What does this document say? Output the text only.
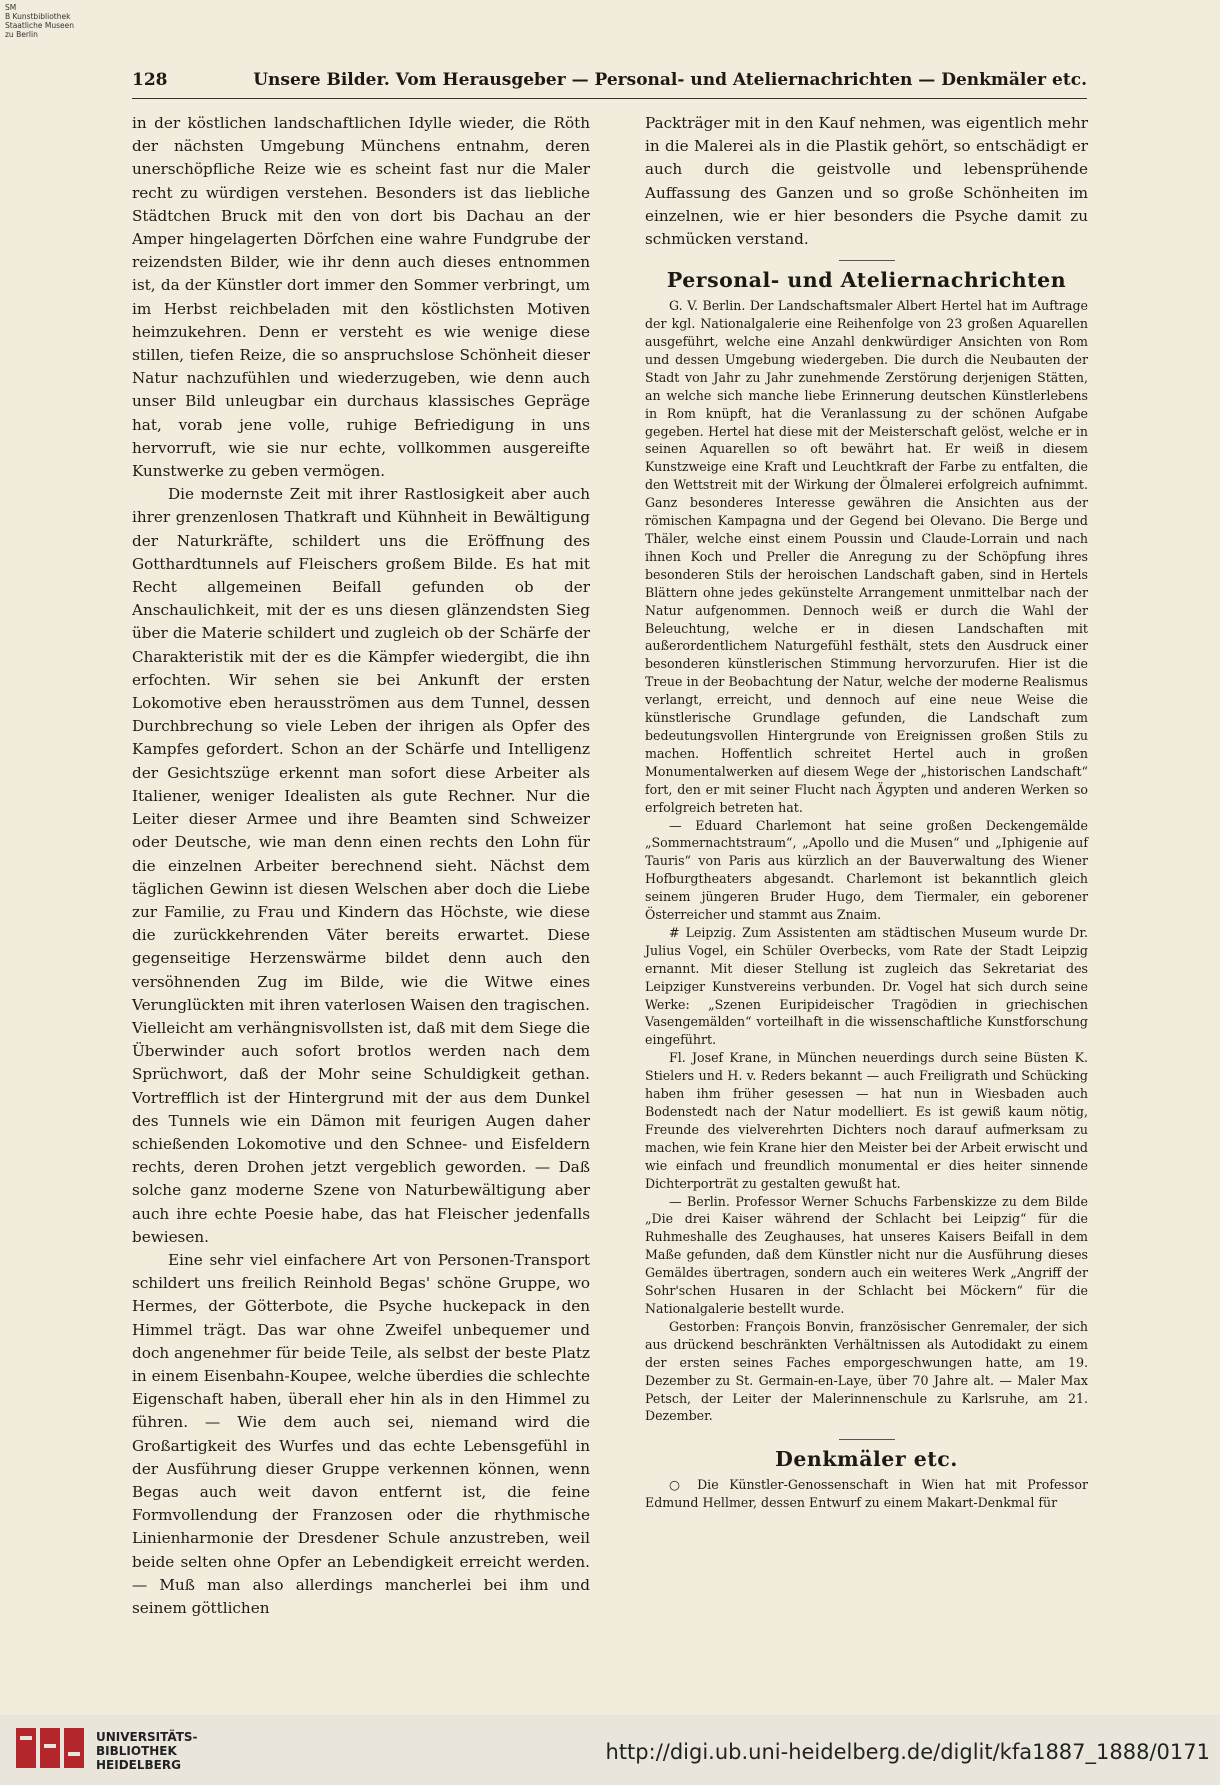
SM
B Kunstbibliothek
Staatliche Museen
zu Berlin
128	Unsere Bilder. Vom Herausgeber — Personal- und Ateliernachrichten — Denkmäler etc.

in der köstlichen landschaftlichen Idylle wieder, die Röth der nächsten Umgebung Münchens entnahm, deren unerschöpfliche Reize wie es scheint fast nur die Maler recht zu würdigen verstehen. Besonders ist das liebliche Städtchen Bruck mit den von dort bis Dachau an der Amper hingelagerten Dörfchen eine wahre Fundgrube der reizendsten Bilder, wie ihr denn auch dieses entnommen ist, da der Künstler dort immer den Sommer verbringt, um im Herbst reichbeladen mit den köstlichsten Motiven heimzukehren. Denn er versteht es wie wenige diese stillen, tiefen Reize, die so anspruchslose Schönheit dieser Natur nachzufühlen und wiederzugeben, wie denn auch unser Bild unleugbar ein durchaus klassisches Gepräge hat, vorab jene volle, ruhige Befriedigung in uns hervorruft, wie sie nur echte, vollkommen ausgereifte Kunstwerke zu geben vermögen.

Die modernste Zeit mit ihrer Rastlosigkeit aber auch ihrer grenzenlosen Thatkraft und Kühnheit in Bewältigung der Naturkräfte, schildert uns die Eröffnung des Gotthardtunnels auf Fleischers großem Bilde. Es hat mit Recht allgemeinen Beifall gefunden ob der Anschaulichkeit, mit der es uns diesen glänzendsten Sieg über die Materie schildert und zugleich ob der Schärfe der Charakteristik mit der es die Kämpfer wiedergibt, die ihn erfochten. Wir sehen sie bei Ankunft der ersten Lokomotive eben herausströmen aus dem Tunnel, dessen Durchbrechung so viele Leben der ihrigen als Opfer des Kampfes gefordert. Schon an der Schärfe und Intelligenz der Gesichtszüge erkennt man sofort diese Arbeiter als Italiener, weniger Idealisten als gute Rechner. Nur die Leiter dieser Armee und ihre Beamten sind Schweizer oder Deutsche, wie man denn einen rechts den Lohn für die einzelnen Arbeiter berechnend sieht. Nächst dem täglichen Gewinn ist diesen Welschen aber doch die Liebe zur Familie, zu Frau und Kindern das Höchste, wie diese die zurückkehrenden Väter bereits erwartet. Diese gegenseitige Herzenswärme bildet denn auch den versöhnenden Zug im Bilde, wie die Witwe eines Verunglückten mit ihren vaterlosen Waisen den tragischen. Vielleicht am verhängnisvollsten ist, daß mit dem Siege die Überwinder auch sofort brotlos werden nach dem Sprüchwort, daß der Mohr seine Schuldigkeit gethan. Vortrefflich ist der Hintergrund mit der aus dem Dunkel des Tunnels wie ein Dämon mit feurigen Augen daher schießenden Lokomotive und den Schnee- und Eisfeldern rechts, deren Drohen jetzt vergeblich geworden. — Daß solche ganz moderne Szene von Naturbewältigung aber auch ihre echte Poesie habe, das hat Fleischer jedenfalls bewiesen.

Eine sehr viel einfachere Art von Personen-Transport schildert uns freilich Reinhold Begas' schöne Gruppe, wo Hermes, der Götterbote, die Psyche huckepack in den Himmel trägt. Das war ohne Zweifel unbequemer und doch angenehmer für beide Teile, als selbst der beste Platz in einem Eisenbahn-Koupee, welche überdies die schlechte Eigenschaft haben, überall eher hin als in den Himmel zu führen. — Wie dem auch sei, niemand wird die Großartigkeit des Wurfes und das echte Lebensgefühl in der Ausführung dieser Gruppe verkennen können, wenn Begas auch weit davon entfernt ist, die feine Formvollendung der Franzosen oder die rhythmische Linienharmonie der Dresdener Schule anzustreben, weil beide selten ohne Opfer an Lebendigkeit erreicht werden. — Muß man also allerdings mancherlei bei ihm und seinem göttlichen

Packträger mit in den Kauf nehmen, was eigentlich mehr in die Malerei als in die Plastik gehört, so entschädigt er auch durch die geistvolle und lebensprühende Auffassung des Ganzen und so große Schönheiten im einzelnen, wie er hier besonders die Psyche damit zu schmücken verstand.

Personal- und Ateliernachrichten

G. V. Berlin. Der Landschaftsmaler Albert Hertel hat im Auftrage der kgl. Nationalgalerie eine Reihenfolge von 23 großen Aquarellen ausgeführt, welche eine Anzahl denkwürdiger Ansichten von Rom und dessen Umgebung wiedergeben. Die durch die Neubauten der Stadt von Jahr zu Jahr zunehmende Zerstörung derjenigen Stätten, an welche sich manche liebe Erinnerung deutschen Künstlerlebens in Rom knüpft, hat die Veranlassung zu der schönen Aufgabe gegeben. Hertel hat diese mit der Meisterschaft gelöst, welche er in seinen Aquarellen so oft bewährt hat. Er weiß in diesem Kunstzweige eine Kraft und Leuchtkraft der Farbe zu entfalten, die den Wettstreit mit der Wirkung der Ölmalerei erfolgreich aufnimmt. Ganz besonderes Interesse gewähren die Ansichten aus der römischen Kampagna und der Gegend bei Olevano. Die Berge und Thäler, welche einst einem Poussin und Claude-Lorrain und nach ihnen Koch und Preller die Anregung zu der Schöpfung ihres besonderen Stils der heroischen Landschaft gaben, sind in Hertels Blättern ohne jedes gekünstelte Arrangement unmittelbar nach der Natur aufgenommen. Dennoch weiß er durch die Wahl der Beleuchtung, welche er in diesen Landschaften mit außerordentlichem Naturgefühl festhält, stets den Ausdruck einer besonderen künstlerischen Stimmung hervorzurufen. Hier ist die Treue in der Beobachtung der Natur, welche der moderne Realismus verlangt, erreicht, und dennoch auf eine neue Weise die künstlerische Grundlage gefunden, die Landschaft zum bedeutungsvollen Hintergrunde von Ereignissen großen Stils zu machen. Hoffentlich schreitet Hertel auch in großen Monumentalwerken auf diesem Wege der „historischen Landschaft“ fort, den er mit seiner Flucht nach Ägypten und anderen Werken so erfolgreich betreten hat.

— Eduard Charlemont hat seine großen Deckengemälde „Sommernachtstraum“, „Apollo und die Musen“ und „Iphigenie auf Tauris“ von Paris aus kürzlich an der Bauverwaltung des Wiener Hofburgtheaters abgesandt. Charlemont ist bekanntlich gleich seinem jüngeren Bruder Hugo, dem Tiermaler, ein geborener Österreicher und stammt aus Znaim.

# Leipzig. Zum Assistenten am städtischen Museum wurde Dr. Julius Vogel, ein Schüler Overbecks, vom Rate der Stadt Leipzig ernannt. Mit dieser Stellung ist zugleich das Sekretariat des Leipziger Kunstvereins verbunden. Dr. Vogel hat sich durch seine Werke: „Szenen Euripideischer Tragödien in griechischen Vasengemälden“ vorteilhaft in die wissenschaftliche Kunstforschung eingeführt.

Fl. Josef Krane, in München neuerdings durch seine Büsten K. Stielers und H. v. Reders bekannt — auch Freiligrath und Schücking haben ihm früher gesessen — hat nun in Wiesbaden auch Bodenstedt nach der Natur modelliert. Es ist gewiß kaum nötig, Freunde des vielverehrten Dichters noch darauf aufmerksam zu machen, wie fein Krane hier den Meister bei der Arbeit erwischt und wie einfach und freundlich monumental er dies heiter sinnende Dichterporträt zu gestalten gewußt hat.

— Berlin. Professor Werner Schuchs Farbenskizze zu dem Bilde „Die drei Kaiser während der Schlacht bei Leipzig“ für die Ruhmeshalle des Zeughauses, hat unseres Kaisers Beifall in dem Maße gefunden, daß dem Künstler nicht nur die Ausführung dieses Gemäldes übertragen, sondern auch ein weiteres Werk „Angriff der Sohr'schen Husaren in der Schlacht bei Möckern“ für die Nationalgalerie bestellt wurde.

Gestorben: François Bonvin, französischer Genremaler, der sich aus drückend beschränkten Verhältnissen als Autodidakt zu einem der ersten seines Faches emporgeschwungen hatte, am 19. Dezember zu St. Germain-en-Laye, über 70 Jahre alt. — Maler Max Petsch, der Leiter der Malerinnenschule zu Karlsruhe, am 21. Dezember.

Denkmäler etc.

○ Die Künstler-Genossenschaft in Wien hat mit Professor Edmund Hellmer, dessen Entwurf zu einem Makart-Denkmal für

UNIVERSITÄTS-
BIBLIOTHEK
HEIDELBERG
http://digi.ub.uni-heidelberg.de/diglit/kfa1887_1888/0171
